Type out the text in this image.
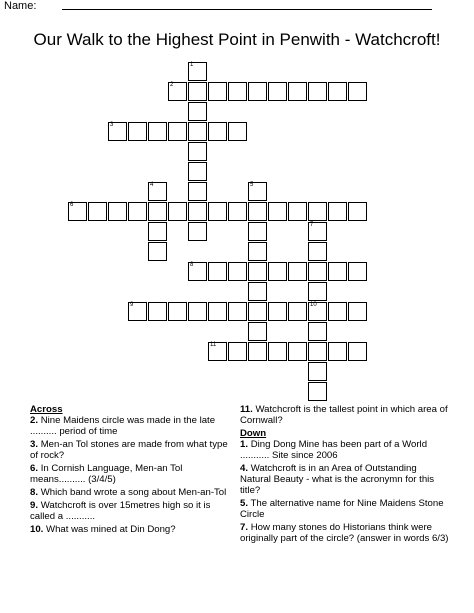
Name:
Our Walk to the Highest Point in Penwith - Watchcroft!
1
2
3
4	5
6
7
10
8
9
11
Across
2. Nine Maidens circle was made in the late .......... period of time
3. Men-an Tol stones are made from what type of rock?
6. In Cornish Language, Men-an Tol means.......... (3/4/5)
8. Which band wrote a song about Men-an-Tol
9. Watchcroft is over 15metres high so it is called a ...........
10. What was mined at Din Dong?
11. Watchcroft is the tallest point in which area of Cornwall?
Down
1. Ding Dong Mine has been part of a World ........... Site since 2006
4. Watchcroft is in an Area of Outstanding Natural Beauty - what is the acronymn for this title?
5. The alternative name for Nine Maidens Stone Circle
7. How many stones do Historians think were originally part of the circle? (answer in words 6/3)
